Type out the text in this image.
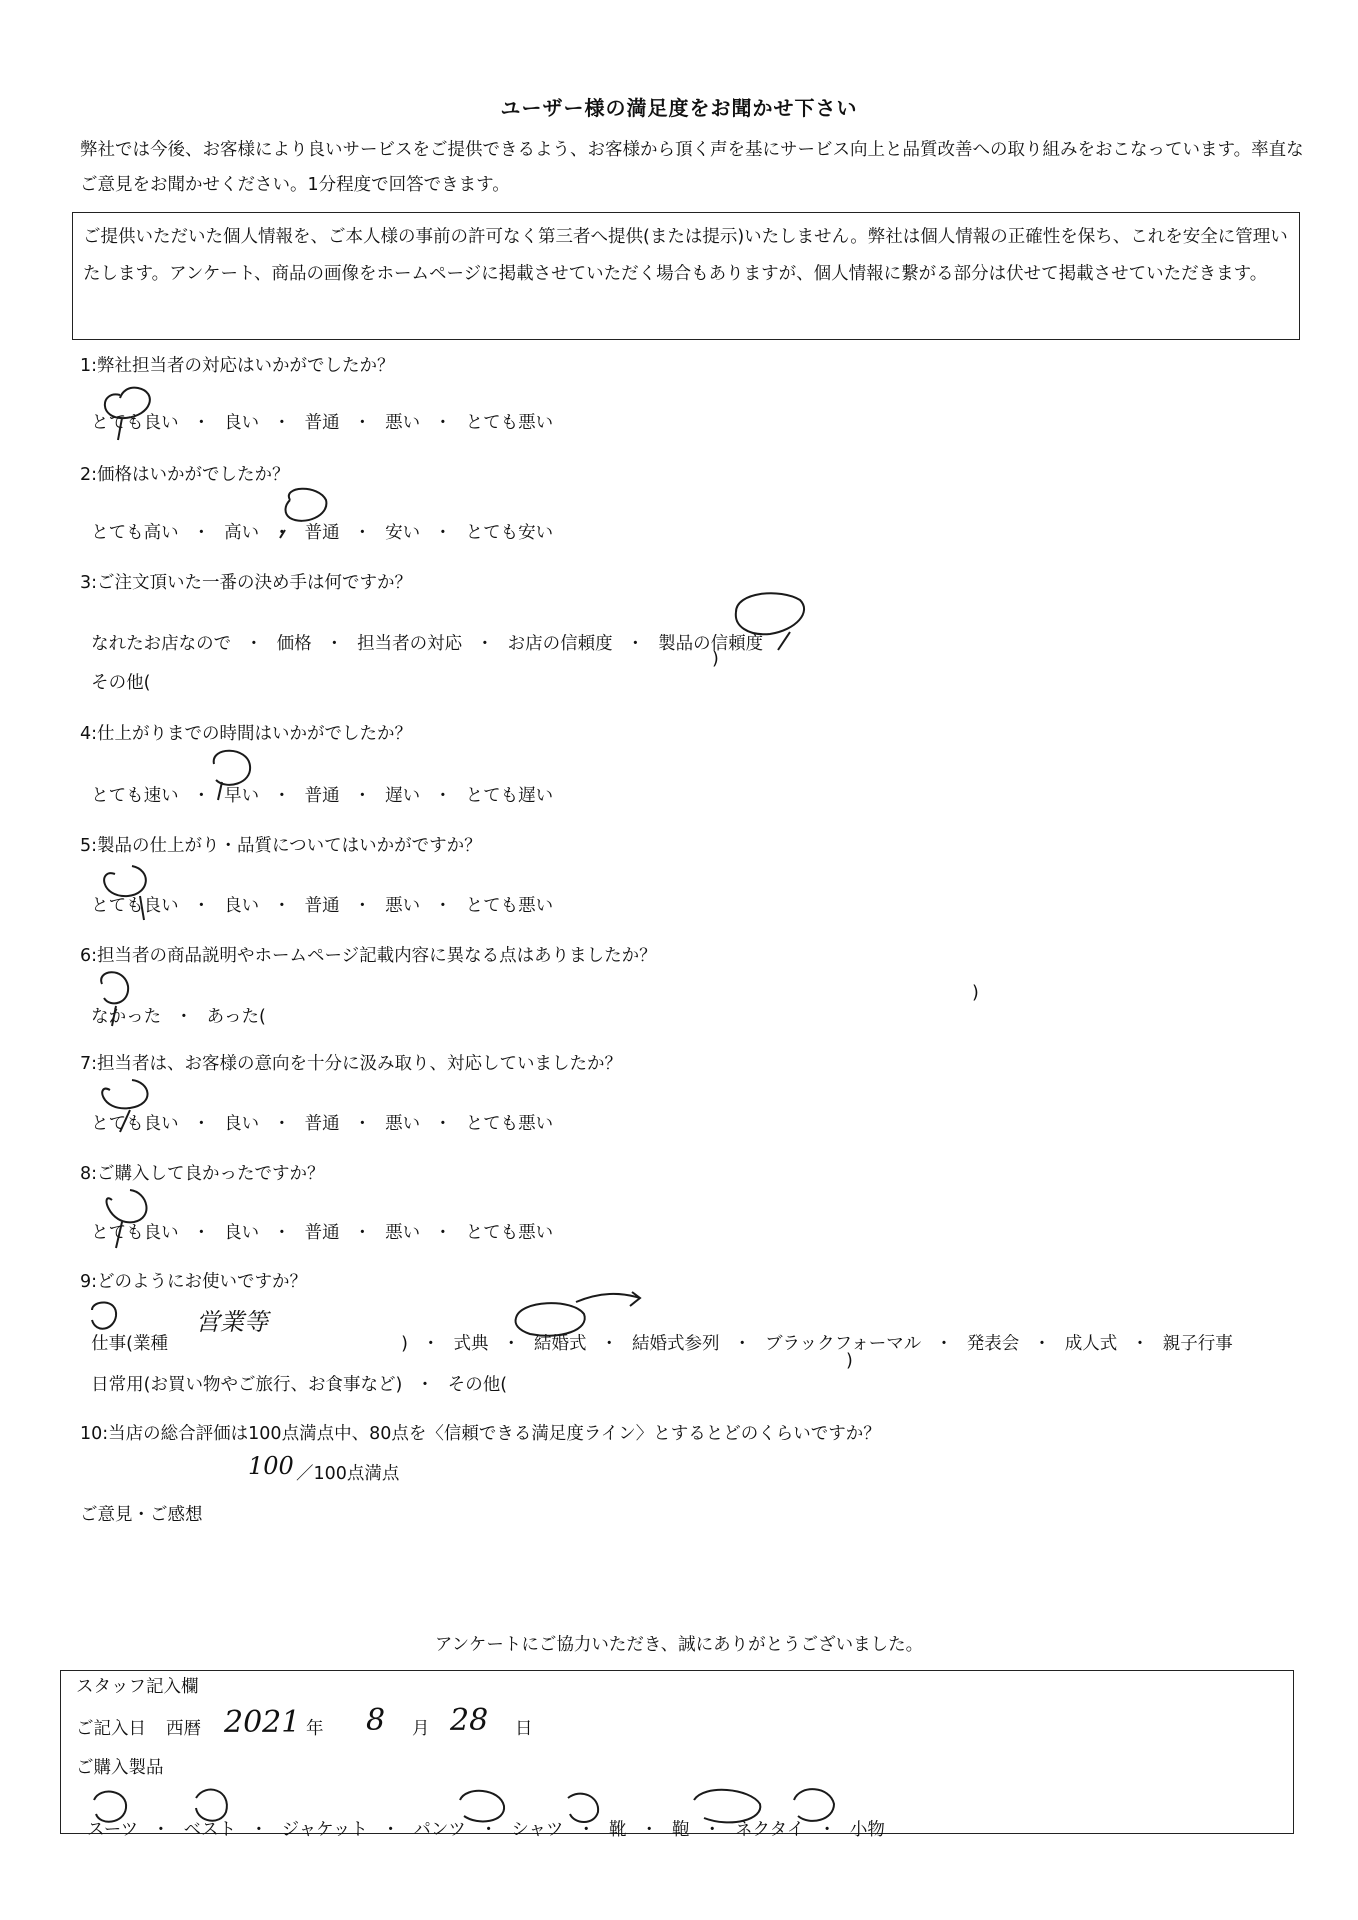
ユーザー様の満足度をお聞かせ下さい
弊社では今後、お客様により良いサービスをご提供できるよう、お客様から頂く声を基にサービス向上と品質改善への取り組みをおこなっています。率直なご意見をお聞かせください。1分程度で回答できます。
ご提供いただいた個人情報を、ご本人様の事前の許可なく第三者へ提供(または提示)いたしません。弊社は個人情報の正確性を保ち、これを安全に管理いたします。アンケート、商品の画像をホームページに掲載させていただく場合もありますが、個人情報に繋がる部分は伏せて掲載させていただきます。
1:弊社担当者の対応はいかがでしたか？

とても良い ・ 良い ・ 普通 ・ 悪い ・ とても悪い

2:価格はいかがでしたか？

とても高い ・ 高い ・ 普通 ・ 安い ・ とても安い

3:ご注文頂いた一番の決め手は何ですか？

なれたお店なので ・ 価格 ・ 担当者の対応 ・ お店の信頼度 ・ 製品の信頼度

その他(

)
4:仕上がりまでの時間はいかがでしたか？

とても速い ・ 早い ・ 普通 ・ 遅い ・ とても遅い

5:製品の仕上がり・品質についてはいかがですか？

とても良い ・ 良い ・ 普通 ・ 悪い ・ とても悪い

6:担当者の商品説明やホームページ記載内容に異なる点はありましたか？

なかった ・ あった(

)
7:担当者は、お客様の意向を十分に汲み取り、対応していましたか？

とても良い ・ 良い ・ 普通 ・ 悪い ・ とても悪い

8:ご購入して良かったですか？

とても良い ・ 良い ・ 普通 ・ 悪い ・ とても悪い

9:どのようにお使いですか？

仕事(業種

営業等

) ・ 式典 ・ 結婚式 ・ 結婚式参列 ・ ブラックフォーマル ・ 発表会 ・ 成人式 ・ 親子行事

日常用(お買い物やご旅行、お食事など) ・ その他(

)
10:当店の総合評価は100点満点中、80点を〈信頼できる満足度ライン〉とするとどのくらいですか？
100 ／100点満点
ご意見・ご感想
アンケートにご協力いただき、誠にありがとうございました。
スタッフ記入欄
ご記入日 西暦 2021 年 8 月 28 日
ご購入製品

スーツ ・ ベスト ・ ジャケット ・ パンツ ・ シャツ ・ 靴 ・ 鞄 ・ ネクタイ ・ 小物
